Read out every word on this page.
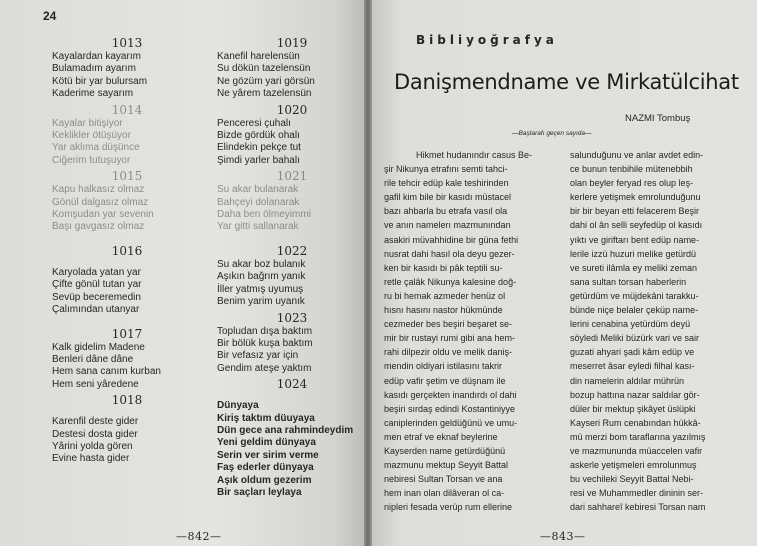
24
1013
Kayalardan kayarım
Bulamadım ayarım
Kötü bir yar bulursam
Kaderime sayarım
1014
Kayalar bitişiyor
Keklikler ötüşüyor
Yar aklıma düşünce
Ciğerim tutuşuyor
1015
Kapu halkasız olmaz
Gönül dalgasız olmaz
Komşudan yar sevenin
Başı gavgasız olmaz
1016
Karyolada yatan yar
Çifte gönül tutan yar
Sevüp beceremedin
Çalımından utanyar
1017
Kalk gidelim Madene
Benleri dâne dâne
Hem sana canım kurban
Hem seni yâredene
1018
Karenfil deste gider
Destesi dosta gider
Yârini yolda gören
Evine hasta gider
1019
Kanefil harelensün
Su dökün tazelensün
Ne gözüm yari görsün
Ne yârem tazelensün
1020
Penceresi çuhalı
Bizde gördük ohalı
Elindekin pekçe tut
Şimdi yarler bahalı
1021
Su akar bulanarak
Bahçeyi dolanarak
Daha ben ölmeyimmi
Yar gitti sallanarak
1022
Su akar boz bulanık
Aşıkın bağrım yanık
İller yatmış uyumuş
Benim yarim uyanık
1023
Topludan dışa baktım
Bir bölük kuşa baktım
Bir vefasız yar için
Gendim ateşe yaktım
1024
Dünyaya
Kiriş taktım düuyaya
Dün gece ana rahmindeydim
Yeni geldim dünyaya
Serin ver sirim verme
Faş ederler dünyaya
Aşık oldum gezerim
Bir saçları leylaya
—842—
Bibliyoğrafya
Danişmendname ve Mirkatülcihat
NAZMI Tombuş
—Baştarafı geçen sayıda—
Hikmet hudanındır casus Be-
şir Nikunya etrafını semti tahci-
rile tehcir edüp kale teshirinden
gafil kim bile bir kasıdı müstacel
bazı ahbarla bu etrafa vasıl ola
ve anın namelerı mazmunından
asakiri müvahhidine bir güna fethi
nusrat dahi hasıl ola deyu gezer-
ken bir kasıdı bi pâk teptili su-
retle çalâk Nikunya kalesine doğ-
ru bi hemak azmeder henüz ol
hısnı hasını nastor hükmünde
cezmeder bes beşiri beşaret se-
mir bir rustayi rumi gibi ana hem-
rahi dilpezir oldu ve melik daniş-
mendin oldiyari istilasını takrir
edüp vafir şetim ve düşnam ile
kasıdı gerçekten inandırdı ol dahi
beşiri sırdaş edindi Kostantiniyye
caniplerinden geldüğünü ve umu-
men etraf ve eknaf beylerine
Kayserden name getürdüğünü
mazmunu mektup Seyyit Battal
nebiresi Sultan Torsan ve ana
hem inan olan dilâveran ol ca-
nipleri fesada verüp rum ellerine
salunduğunu ve anlar avdet edin-
ce bunun tenbihile mütenebbih
olan beyler feryad res olup leş-
kerlere yetişmek emrolunduğunu
bir bir beyan etti felacerem Beşir
dahi ol ân selli seyfedüp ol kasıdı
yıktı ve giriftarı bent edüp name-
lerile izzü huzuri melike getürdü
ve sureti ilâmla ey meliki zeman
sana sultan torsan haberlerin
getürdüm ve müjdekâni tarakku-
bünde niçe belaler çeküp name-
lerini cenabina yetürdüm deyü
söyledi Meliki büzürk vari ve sair
guzati ahyari şadi kâm edüp ve
meserret âsar eyledi filhal kası-
din namelerin aldılar mührün
bozup hattına nazar saldılar gör-
düler bir mektup şikâyet üslüpki
Kayseri Rum cenabından hükkâ-
mü merzi bom taraflarına yazılmış
ve mazmununda müaccelen vafir
askerle yetişmeleri emrolunmuş
bu vechileki Seyyit Battal Nebi-
resi ve Muhammedler dininin ser-
dari sahhareî kebiresi Torsan nam
—843—
